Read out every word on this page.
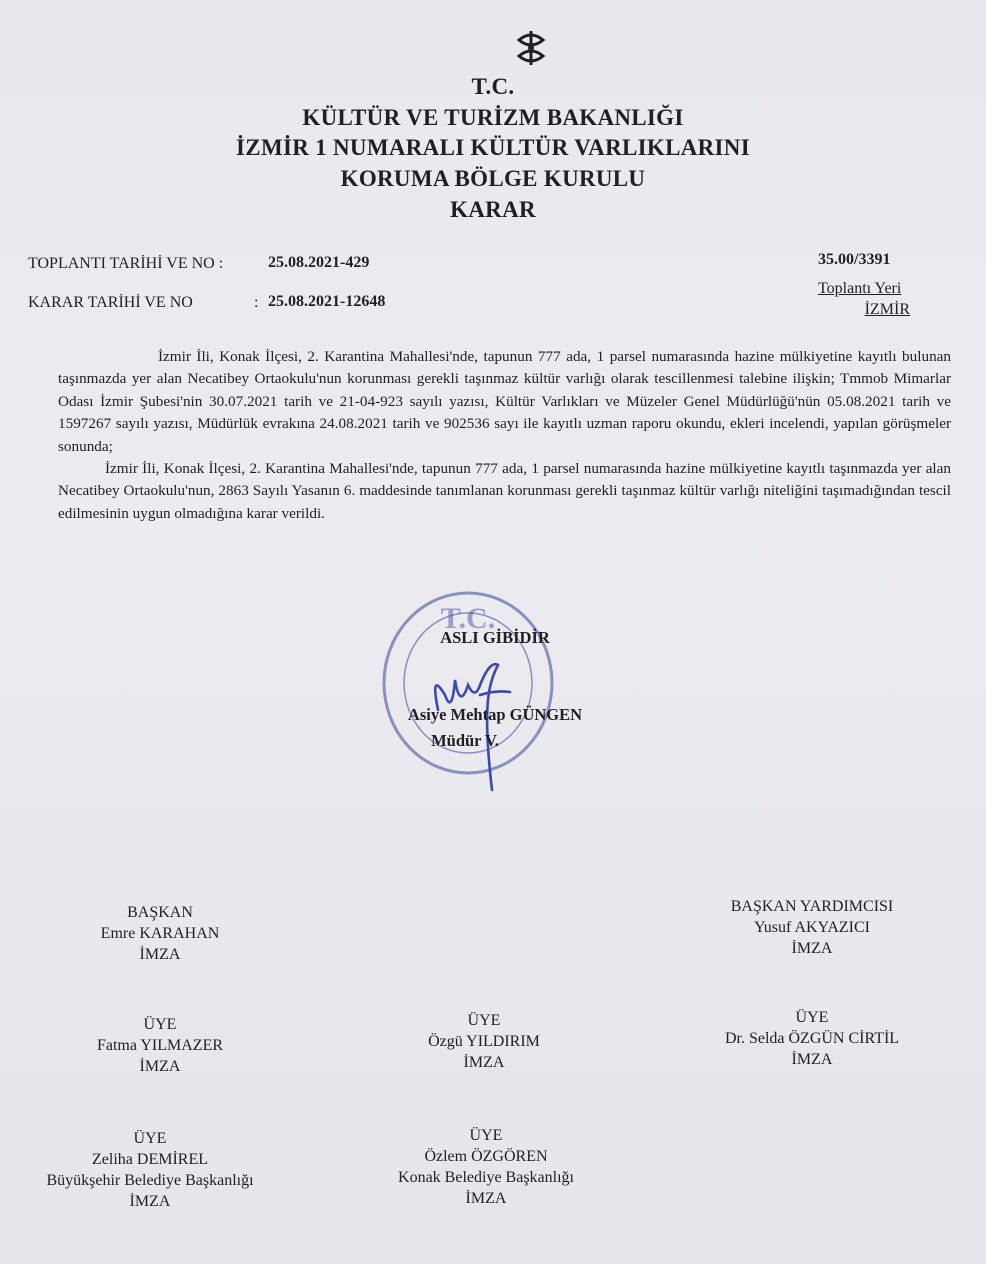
T.C.
KÜLTÜR VE TURİZM BAKANLIĞI
İZMİR 1 NUMARALI KÜLTÜR VARLIKLARINI
KORUMA BÖLGE KURULU
KARAR
TOPLANTI TARİHİ VE NO :	25.08.2021-429
KARAR TARİHİ VE NO	: 25.08.2021-12648
35.00/3391
Toplantı Yeri
İZMİR

İzmir İli, Konak İlçesi, 2. Karantina Mahallesi'nde, tapunun 777 ada, 1 parsel numarasında hazine mülkiyetine kayıtlı bulunan taşınmazda yer alan Necatibey Ortaokulu'nun korunması gerekli taşınmaz kültür varlığı olarak tescillenmesi talebine ilişkin; Tmmob Mimarlar Odası İzmir Şubesi'nin 30.07.2021 tarih ve 21-04-923 sayılı yazısı, Kültür Varlıkları ve Müzeler Genel Müdürlüğü'nün 05.08.2021 tarih ve 1597267 sayılı yazısı, Müdürlük evrakına 24.08.2021 tarih ve 902536 sayı ile kayıtlı uzman raporu okundu, ekleri incelendi, yapılan görüşmeler sonunda;

İzmir İli, Konak İlçesi, 2. Karantina Mahallesi'nde, tapunun 777 ada, 1 parsel numarasında hazine mülkiyetine kayıtlı taşınmazda yer alan Necatibey Ortaokulu'nun, 2863 Sayılı Yasanın 6. maddesinde tanımlanan korunması gerekli taşınmaz kültür varlığı niteliğini taşımadığından tescil edilmesinin uygun olmadığına karar verildi.

T.C.
ASLI GİBİDİR
Asiye Mehtap GÜNGEN
Müdür V.
BAŞKAN
Emre KARAHAN
İMZA
BAŞKAN YARDIMCISI
Yusuf AKYAZICI
İMZA
ÜYE
Fatma YILMAZER
İMZA
ÜYE
Özgü YILDIRIM
İMZA
ÜYE
Dr. Selda ÖZGÜN CİRTİL
İMZA
ÜYE
Zeliha DEMİREL
Büyükşehir Belediye Başkanlığı
İMZA
ÜYE
Özlem ÖZGÖREN
Konak Belediye Başkanlığı
İMZA
